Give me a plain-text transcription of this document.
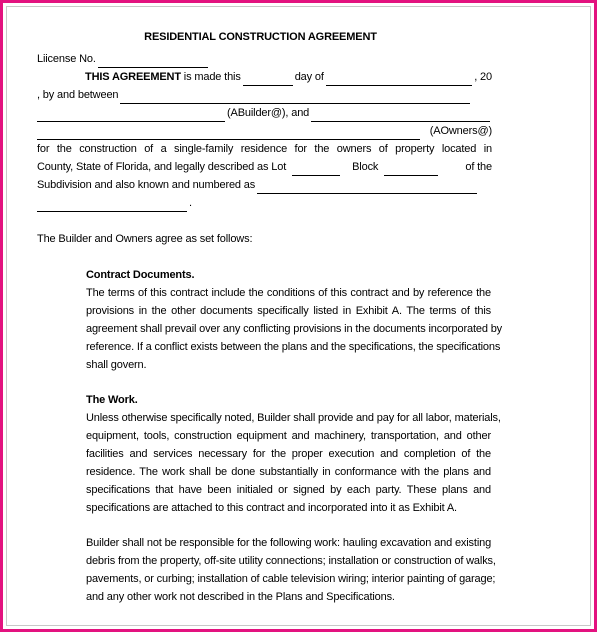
RESIDENTIAL CONSTRUCTION AGREEMENT
Liicense No.
THIS AGREEMENT
is made this	day of	, 20
, by and between
(ABuilder@), and
(AOwners@)
for the construction of a single-family residence for the owners of property located in
County, State of Florida, and legally described as Lot	Block	of the
Subdivision and also known and numbered as
.
The Builder and Owners agree as set follows:
Contract Documents.
The terms of this contract include the conditions of this contract and by reference the
provisions in the other documents specifically listed in Exhibit A. The terms of this
agreement shall prevail over any conflicting provisions in the documents incorporated by
reference. If a conflict exists between the plans and the specifications, the specifications
shall govern.
The Work.
Unless otherwise specifically noted, Builder shall provide and pay for all labor, materials,
equipment, tools, construction equipment and machinery, transportation, and other
facilities and services necessary for the proper execution and completion of the
residence. The work shall be done substantially in conformance with the plans and
specifications that have been initialed or signed by each party. These plans and
specifications are attached to this contract and incorporated into it as Exhibit A.
Builder shall not be responsible for the following work: hauling excavation and existing
debris from the property, off-site utility connections; installation or construction of walks,
pavements, or curbing; installation of cable television wiring; interior painting of garage;
and any other work not described in the Plans and Specifications.
